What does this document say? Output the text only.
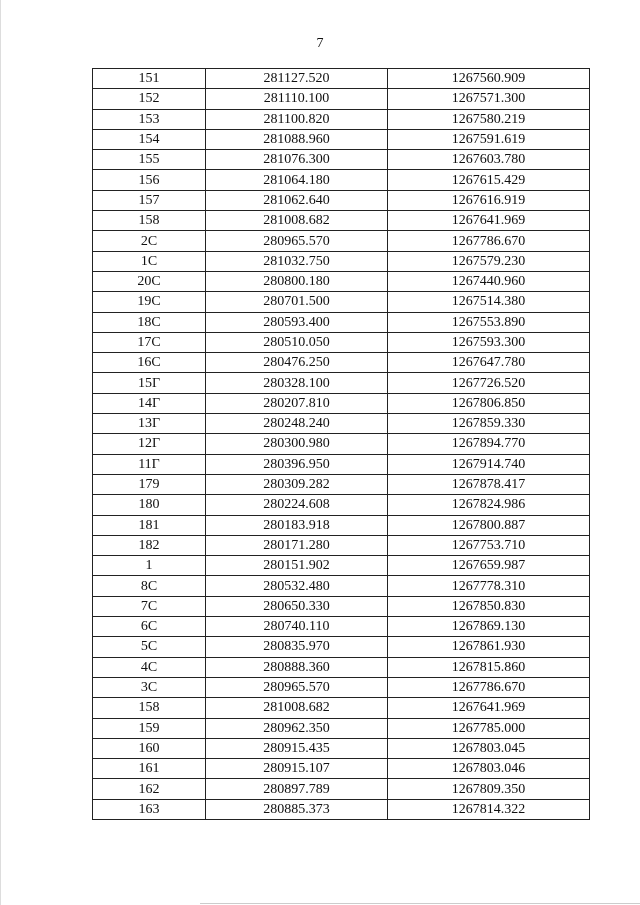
7
151	281127.520	1267560.909
152	281110.100	1267571.300
153	281100.820	1267580.219
154	281088.960	1267591.619
155	281076.300	1267603.780
156	281064.180	1267615.429
157	281062.640	1267616.919
158	281008.682	1267641.969
2С	280965.570	1267786.670
1С	281032.750	1267579.230
20С	280800.180	1267440.960
19С	280701.500	1267514.380
18С	280593.400	1267553.890
17С	280510.050	1267593.300
16С	280476.250	1267647.780
15Г	280328.100	1267726.520
14Г	280207.810	1267806.850
13Г	280248.240	1267859.330
12Г	280300.980	1267894.770
11Г	280396.950	1267914.740
179	280309.282	1267878.417
180	280224.608	1267824.986
181	280183.918	1267800.887
182	280171.280	1267753.710
1	280151.902	1267659.987
8С	280532.480	1267778.310
7С	280650.330	1267850.830
6С	280740.110	1267869.130
5С	280835.970	1267861.930
4С	280888.360	1267815.860
3С	280965.570	1267786.670
158	281008.682	1267641.969
159	280962.350	1267785.000
160	280915.435	1267803.045
161	280915.107	1267803.046
162	280897.789	1267809.350
163	280885.373	1267814.322
